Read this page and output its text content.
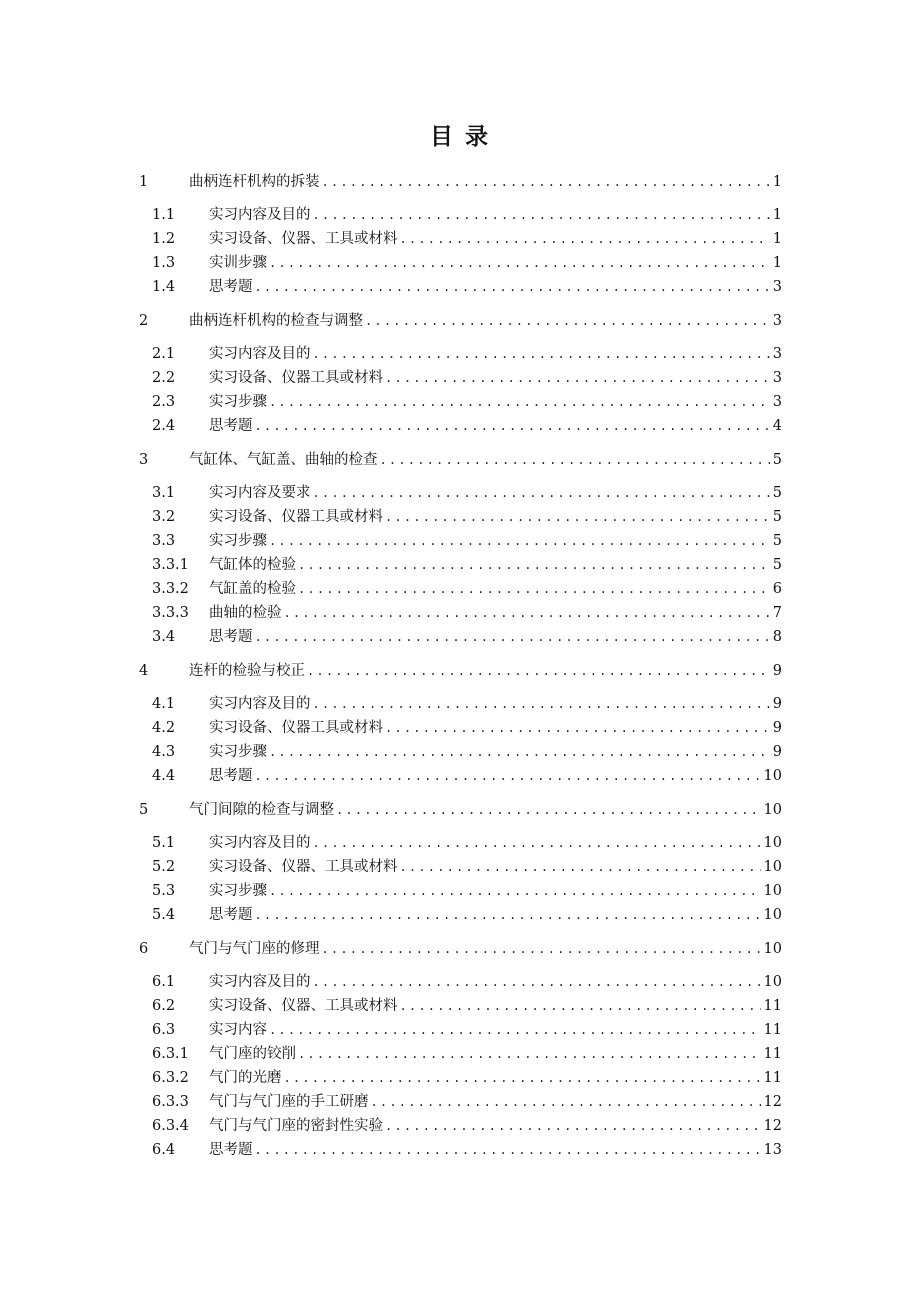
目 录
1	曲柄连杆机构的拆装 .....	1
1.1	实习内容及目的 .....	1
1.2	实习设备、仪器、工具或材料 .....	1
1.3	实训步骤 .....	1
1.4	思考题 .....	3
2	曲柄连杆机构的检查与调整 .....	3
2.1	实习内容及目的 .....	3
2.2	实习设备、仪器工具或材料 .....	3
2.3	实习步骤 .....	3
2.4	思考题 .....	4
3	气缸体、气缸盖、曲轴的检查 .....	5
3.1	实习内容及要求 .....	5
3.2	实习设备、仪器工具或材料 .....	5
3.3	实习步骤 .....	5
3.3.1	气缸体的检验 .....	5
3.3.2	气缸盖的检验 .....	6
3.3.3	曲轴的检验 .....	7
3.4	思考题 .....	8
4	连杆的检验与校正 .....	9
4.1	实习内容及目的 .....	9
4.2	实习设备、仪器工具或材料 .....	9
4.3	实习步骤 .....	9
4.4	思考题 .....	10
5	气门间隙的检查与调整 .....	10
5.1	实习内容及目的 .....	10
5.2	实习设备、仪器、工具或材料 .....	10
5.3	实习步骤 .....	10
5.4	思考题 .....	10
6	气门与气门座的修理 .....	10
6.1	实习内容及目的 .....	10
6.2	实习设备、仪器、工具或材料 .....	11
6.3	实习内容 .....	11
6.3.1	气门座的铰削 .....	11
6.3.2	气门的光磨 .....	11
6.3.3	气门与气门座的手工研磨 .....	12
6.3.4	气门与气门座的密封性实验 .....	12
6.4	思考题 .....	13
